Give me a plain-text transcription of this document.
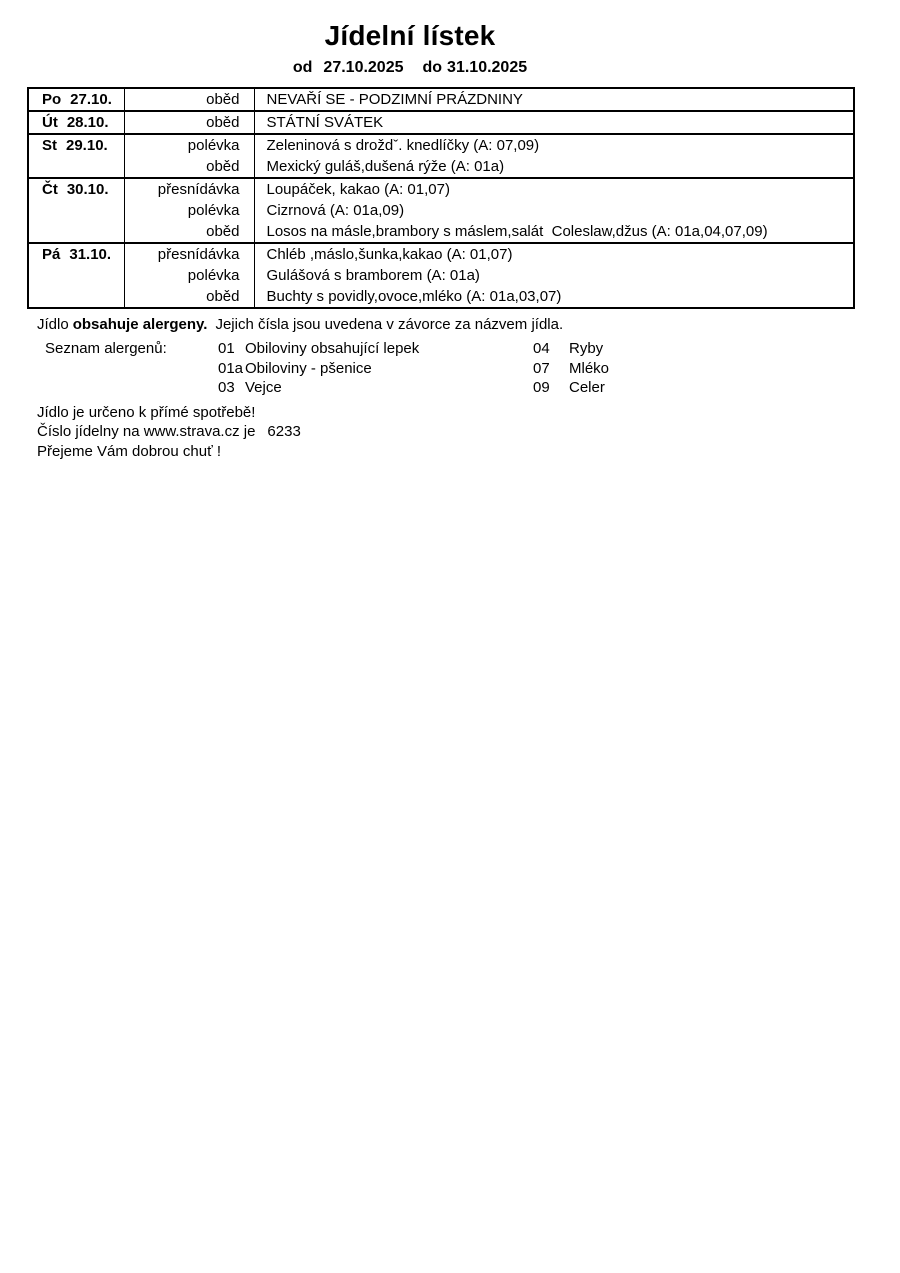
Jídelní lístek
od 27.10.2025 do 31.10.2025
Po 27.10.	oběd	NEVAŘÍ SE - PODZIMNÍ PRÁZDNINY
Út 28.10.	oběd	STÁTNÍ SVÁTEK
St 29.10.	polévka	Zeleninová s droždˇ. knedlíčky (A: 07,09)
	oběd	Mexický guláš,dušená rýže (A: 01a)
Čt 30.10.	přesnídávka	Loupáček, kakao (A: 01,07)
	polévka	Cizrnová (A: 01a,09)
	oběd	Losos na másle,brambory s máslem,salát  Coleslaw,džus (A: 01a,04,07,09)
Pá 31.10.	přesnídávka	Chléb ,máslo,šunka,kakao (A: 01,07)
	polévka	Gulášová s bramborem (A: 01a)
	oběd	Buchty s povidly,ovoce,mléko (A: 01a,03,07)
Jídlo obsahuje alergeny. Jejich čísla jsou uvedena v závorce za názvem jídla.
Seznam alergenů:	01 Obiloviny obsahující lepek	04	Ryby
01a Obiloviny - pšenice	07	Mléko
03 Vejce	09	Celer
Jídlo je určeno k přímé spotřebě!
Číslo jídelny na www.strava.cz je 6233
Přejeme Vám dobrou chuť !
